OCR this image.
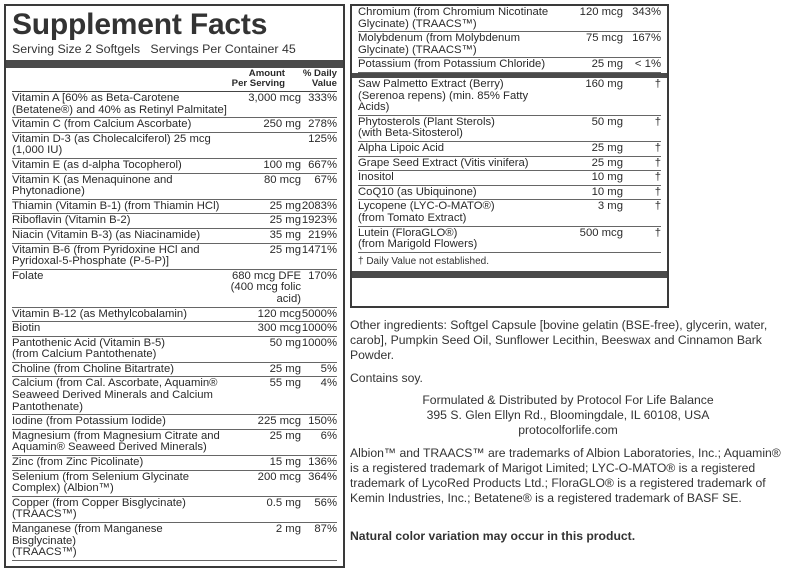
Supplement Facts
Serving Size 2 Softgels   Servings Per Container 45
Amount
Per Serving
% Daily
Value
Vitamin A [60% as Beta-Carotene
(Betatene®) and 40% as Retinyl Palmitate]
3,000 mcg 333%
Vitamin C (from Calcium Ascorbate)	250 mg 278%
Vitamin D-3 (as Cholecalciferol) 25 mcg (1,000 IU)
125%
Vitamin E (as d-alpha Tocopherol)	100 mg 667%
Vitamin K (as Menaquinone and
Phytonadione)
80 mcg	67%
Thiamin (Vitamin B-1) (from Thiamin HCl)	25 mg 2083%
Riboflavin (Vitamin B-2)	25 mg 1923%
Niacin (Vitamin B-3) (as Niacinamide)	35 mg 219%
Vitamin B-6 (from Pyridoxine HCl and
Pyridoxal-5-Phosphate (P-5-P)]
25 mg 1471%
Folate	680 mcg DFE
(400 mcg folic acid)
170%
Vitamin B-12 (as Methylcobalamin)	120 mcg 5000%
Biotin	300 mcg 1000%
Pantothenic Acid (Vitamin B-5)
(from Calcium Pantothenate)
50 mg 1000%
Choline (from Choline Bitartrate)	25 mg	5%
Calcium (from Cal. Ascorbate, Aquamin®
Seaweed Derived Minerals and Calcium Pantothenate)
55 mg	4%
Iodine (from Potassium Iodide)	225 mcg 150%
Magnesium (from Magnesium Citrate and
Aquamin® Seaweed Derived Minerals)
25 mg	6%
Zinc (from Zinc Picolinate)	15 mg 136%
Selenium (from Selenium Glycinate
Complex) (Albion™)
200 mcg 364%
Copper (from Copper Bisglycinate) (TRAACS™)
0.5 mg	56%
Manganese (from Manganese Bisglycinate)
(TRAACS™)
2 mg	87%
Chromium (from Chromium Nicotinate
Glycinate) (TRAACS™)
120 mcg 343%
Molybdenum (from Molybdenum
Glycinate) (TRAACS™)
75 mcg 167%
Potassium (from Potassium Chloride)	25 mg	< 1%
Saw Palmetto Extract (Berry)
(Serenoa repens) (min. 85% Fatty Acids)
160 mg	†
Phytosterols (Plant Sterols)
(with Beta-Sitosterol)
50 mg	†
Alpha Lipoic Acid	25 mg	†
Grape Seed Extract (Vitis vinifera)	25 mg	†
Inositol	10 mg	†
CoQ10 (as Ubiquinone)	10 mg	†
Lycopene (LYC-O-MATO®)
(from Tomato Extract)
3 mg	†
Lutein (FloraGLO®)
(from Marigold Flowers)
500 mcg	†
† Daily Value not established.
Other ingredients: Softgel Capsule [bovine gelatin (BSE-free), glycerin, water, carob], Pumpkin Seed Oil, Sunflower Lecithin, Beeswax and Cinnamon Bark Powder.
Contains soy.
Formulated & Distributed by Protocol For Life Balance
395 S. Glen Ellyn Rd., Bloomingdale, IL 60108, USA
protocolforlife.com
Albion™ and TRAACS™ are trademarks of Albion Laboratories, Inc.; Aquamin® is a registered trademark of Marigot Limited; LYC-O-MATO® is a registered trademark of LycoRed Products Ltd.; FloraGLO® is a registered trademark of Kemin Industries, Inc.; Betatene® is a registered trademark of BASF SE.
Natural color variation may occur in this product.
